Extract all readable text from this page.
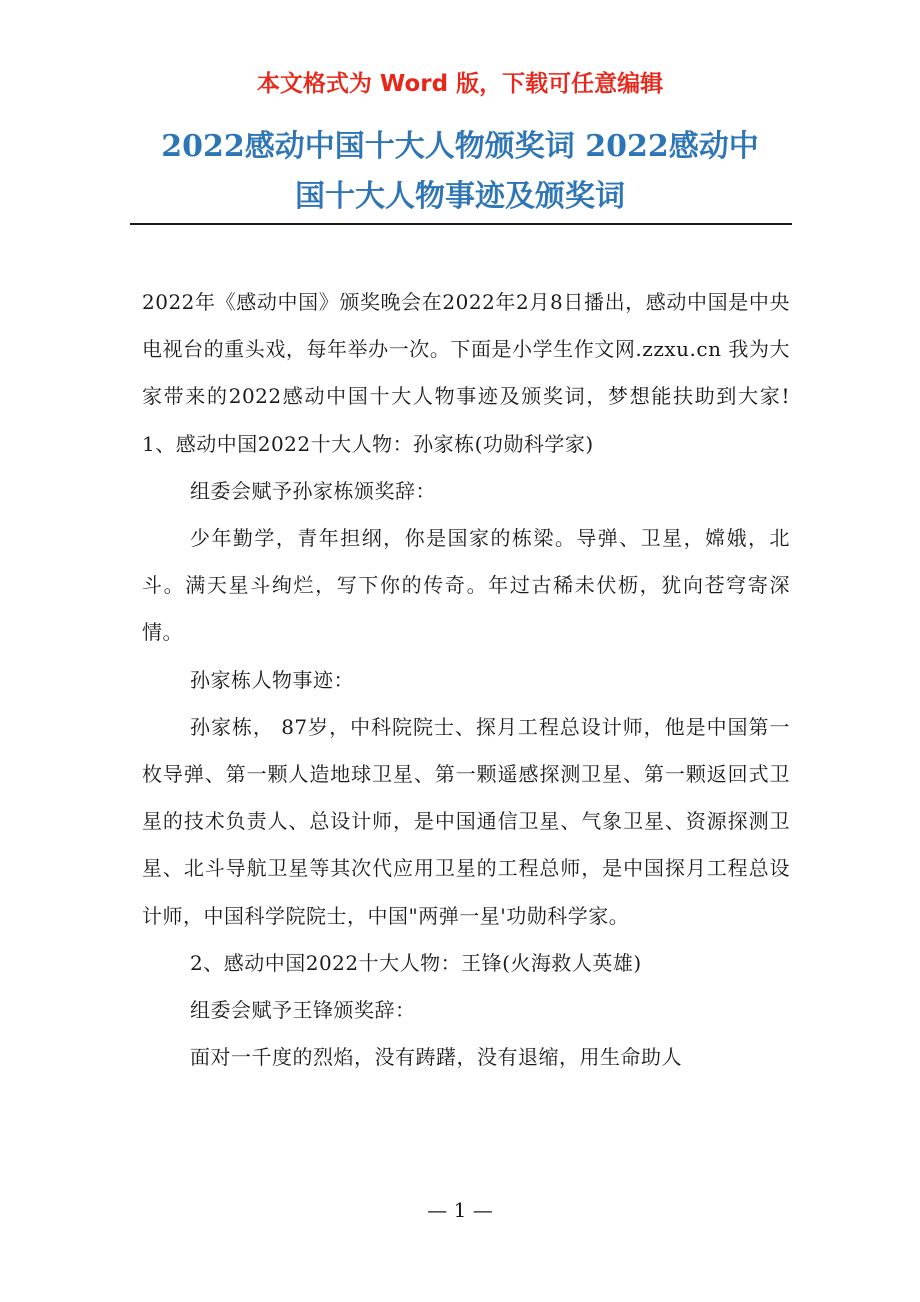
本文格式为 Word 版，下载可任意编辑
2022感动中国十大人物颁奖词 2022感动中
国十大人物事迹及颁奖词

2022年《感动中国》颁奖晚会在2022年2月8日播出，感动中国是中央电视台的重头戏，每年举办一次。下面是小学生作文网.zzxu.cn 我为大家带来的2022感动中国十大人物事迹及颁奖词，梦想能扶助到大家!　　1、感动中国2022十大人物：孙家栋(功勋科学家)

组委会赋予孙家栋颁奖辞：

少年勤学，青年担纲，你是国家的栋梁。导弹、卫星，嫦娥，北斗。满天星斗绚烂，写下你的传奇。年过古稀未伏枥，犹向苍穹寄深情。

孙家栋人物事迹：

孙家栋， 87岁，中科院院士、探月工程总设计师，他是中国第一枚导弹、第一颗人造地球卫星、第一颗遥感探测卫星、第一颗返回式卫星的技术负责人、总设计师，是中国通信卫星、气象卫星、资源探测卫星、北斗导航卫星等其次代应用卫星的工程总师，是中国探月工程总设计师，中国科学院院士，中国"两弹一星'功勋科学家。

2、感动中国2022十大人物：王锋(火海救人英雄)

组委会赋予王锋颁奖辞：

面对一千度的烈焰，没有踌躇，没有退缩，用生命助人

— 1 —
